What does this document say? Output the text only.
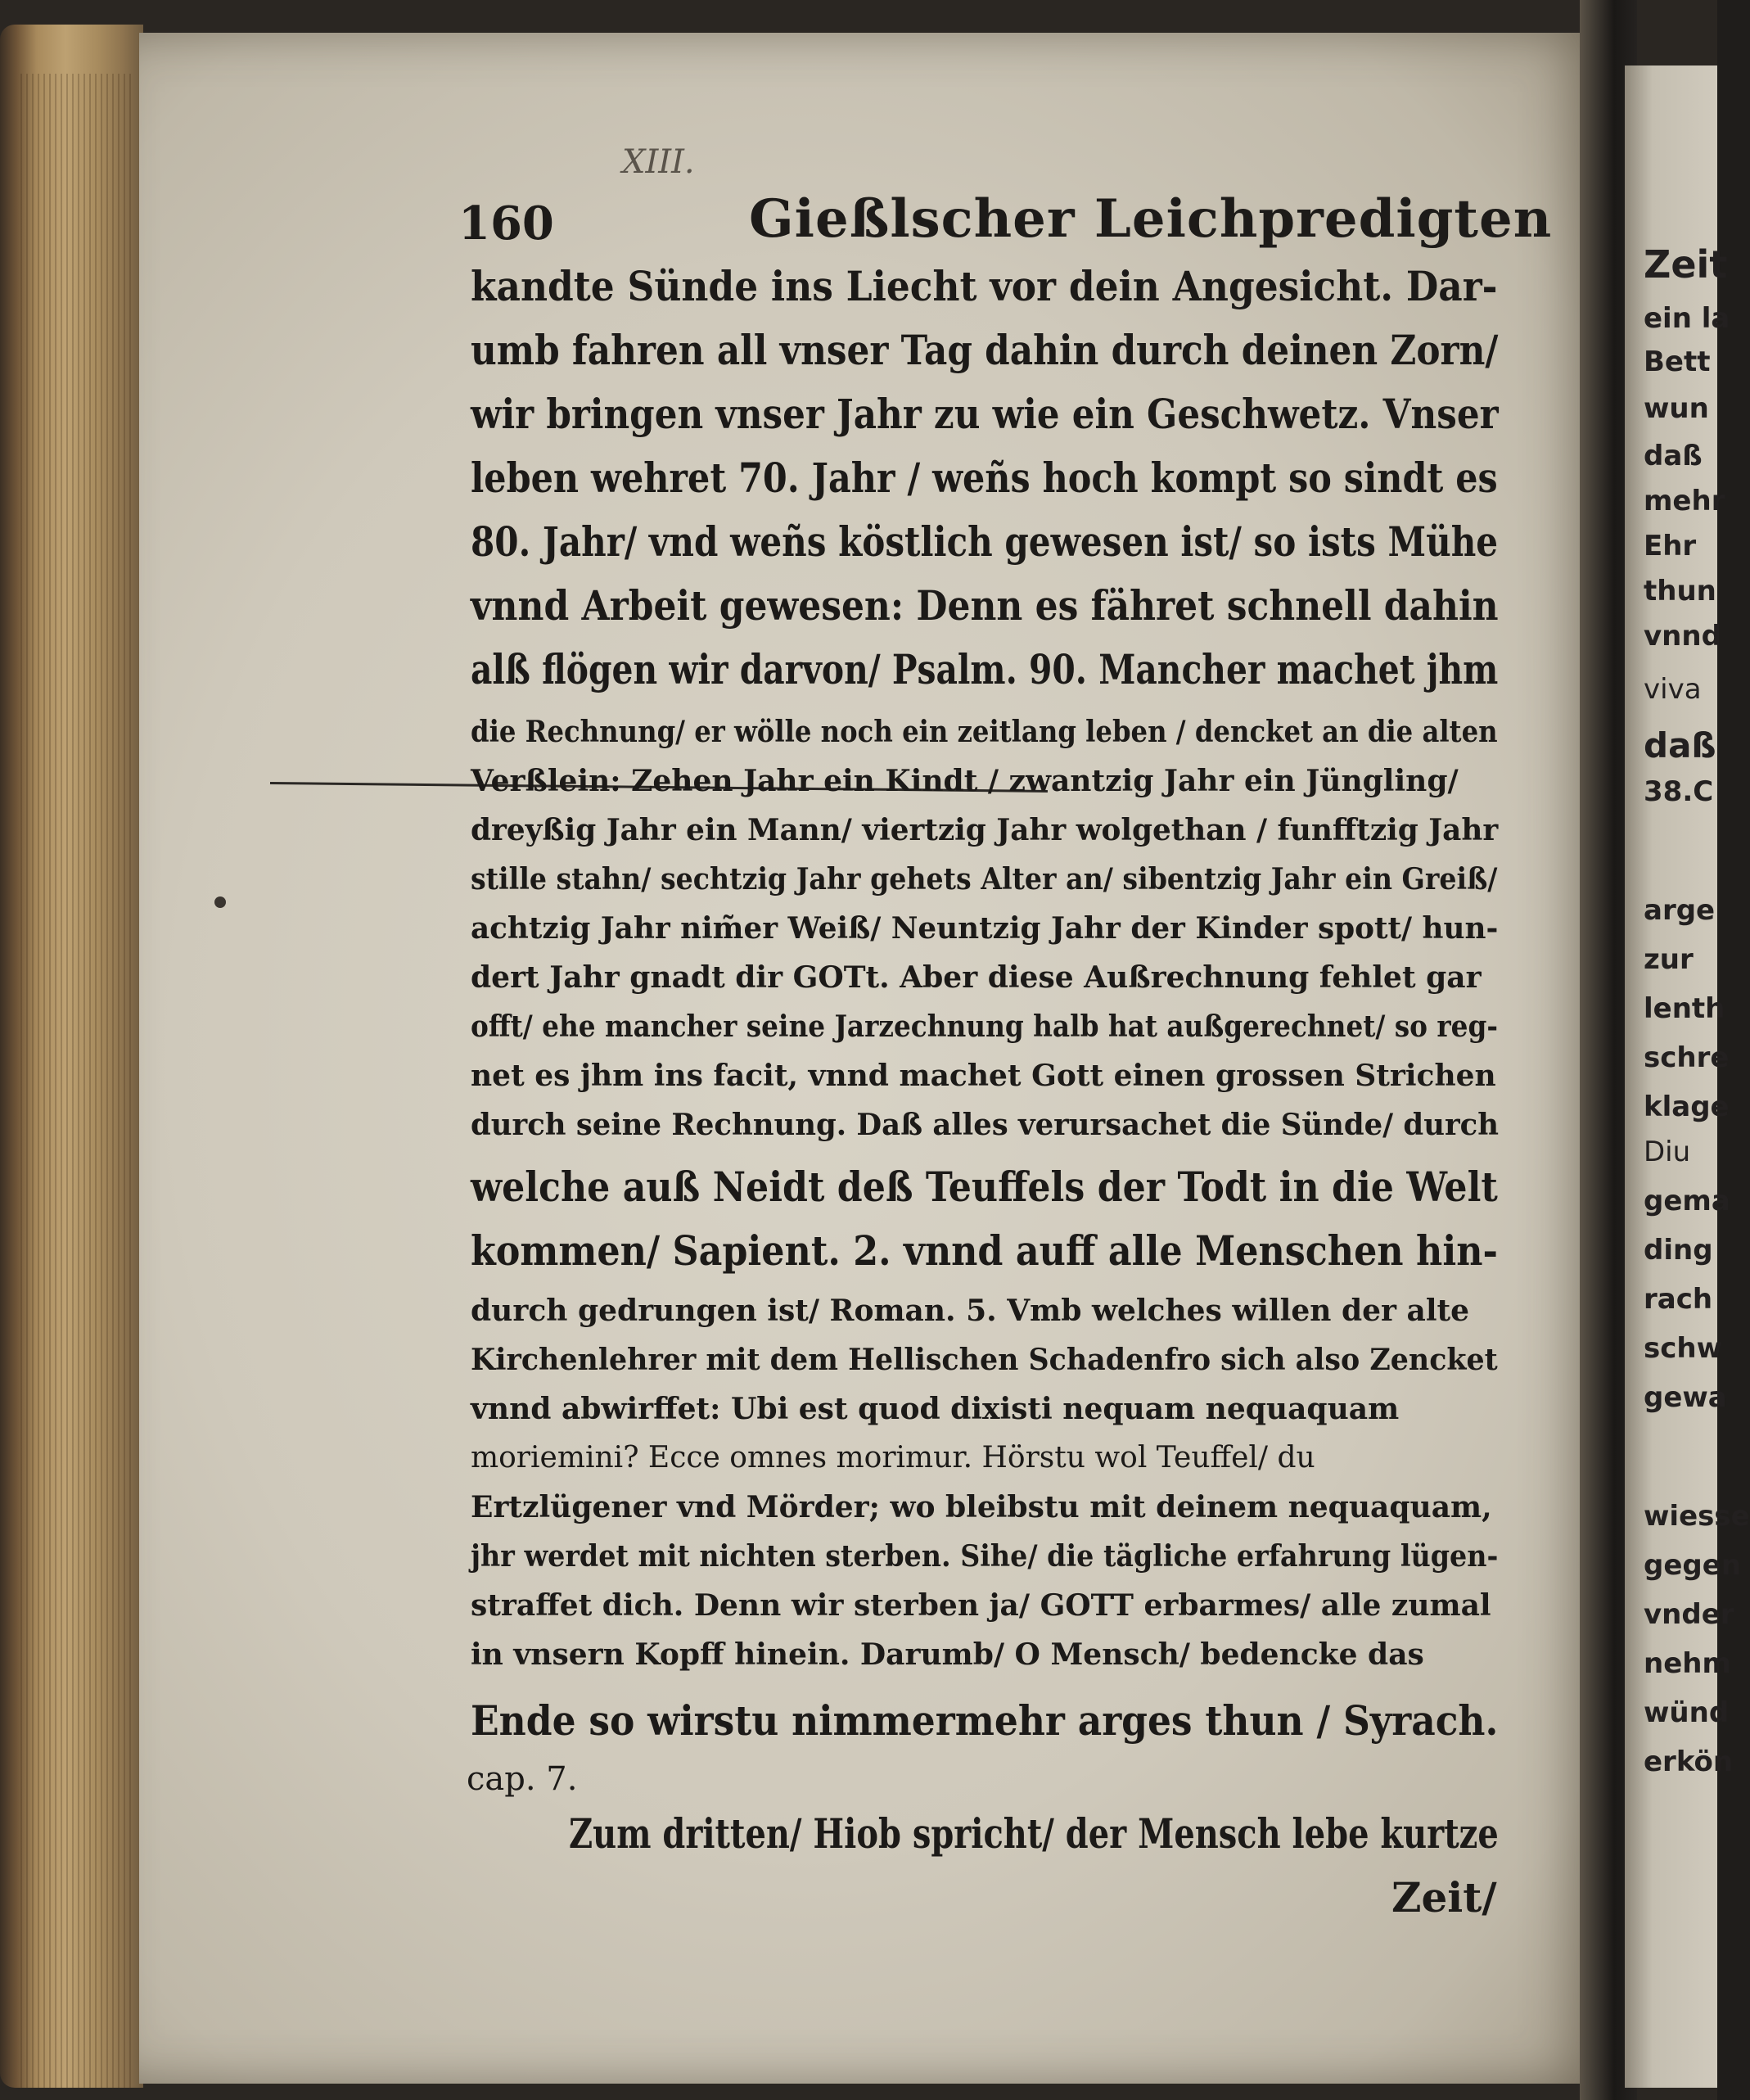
Zeit
ein la
Bett
wun
daß
mehr
Ehr
thun
vnnd
viva
daß
38.C
arge
zur
lenth
schre
klage
Diu
gema
ding
rach
schw
gewa
wiesse
gegen
vnder
nehm
wünd
erkön
XIII.
160	Gießlscher Leichpredigten
kandte Sünde ins Liecht vor dein Angesicht. Dar-
umb fahren all vnser Tag dahin durch deinen Zorn/
wir bringen vnser Jahr zu wie ein Geschwetz. Vnser
leben wehret 70. Jahr / weñs hoch kompt so sindt es
80. Jahr/ vnd weñs köstlich gewesen ist/ so ists Mühe
vnnd Arbeit gewesen: Denn es fähret schnell dahin
alß flögen wir darvon/ Psalm. 90. Mancher machet jhm
die Rechnung/ er wölle noch ein zeitlang leben / dencket an die alten
Verßlein: Zehen Jahr ein Kindt / zwantzig Jahr ein Jüngling/
dreyßig Jahr ein Mann/ viertzig Jahr wolgethan / funfftzig Jahr
stille stahn/ sechtzig Jahr gehets Alter an/ sibentzig Jahr ein Greiß/
achtzig Jahr nim̃er Weiß/ Neuntzig Jahr der Kinder spott/ hun-
dert Jahr gnadt dir GOTt. Aber diese Außrechnung fehlet gar
offt/ ehe mancher seine Jarzechnung halb hat außgerechnet/ so reg-
net es jhm ins facit, vnnd machet Gott einen grossen Strichen
durch seine Rechnung. Daß alles verursachet die Sünde/ durch
welche auß Neidt deß Teuffels der Todt in die Welt
kommen/ Sapient. 2. vnnd auff alle Menschen hin-
durch gedrungen ist/ Roman. 5. Vmb welches willen der alte
Kirchenlehrer mit dem Hellischen Schadenfro sich also Zencket
vnnd abwirffet: Ubi est quod dixisti nequam nequaquam
moriemini? Ecce omnes morimur. Hörstu wol Teuffel/ du
Ertzlügener vnd Mörder; wo bleibstu mit deinem nequaquam,
jhr werdet mit nichten sterben. Sihe/ die tägliche erfahrung lügen-
straffet dich. Denn wir sterben ja/ GOTT erbarmes/ alle zumal
in vnsern Kopff hinein. Darumb/ O Mensch/ bedencke das
Ende so wirstu nimmermehr arges thun / Syrach.
cap. 7.
Zum dritten/ Hiob spricht/ der Mensch lebe kurtze
Zeit/
